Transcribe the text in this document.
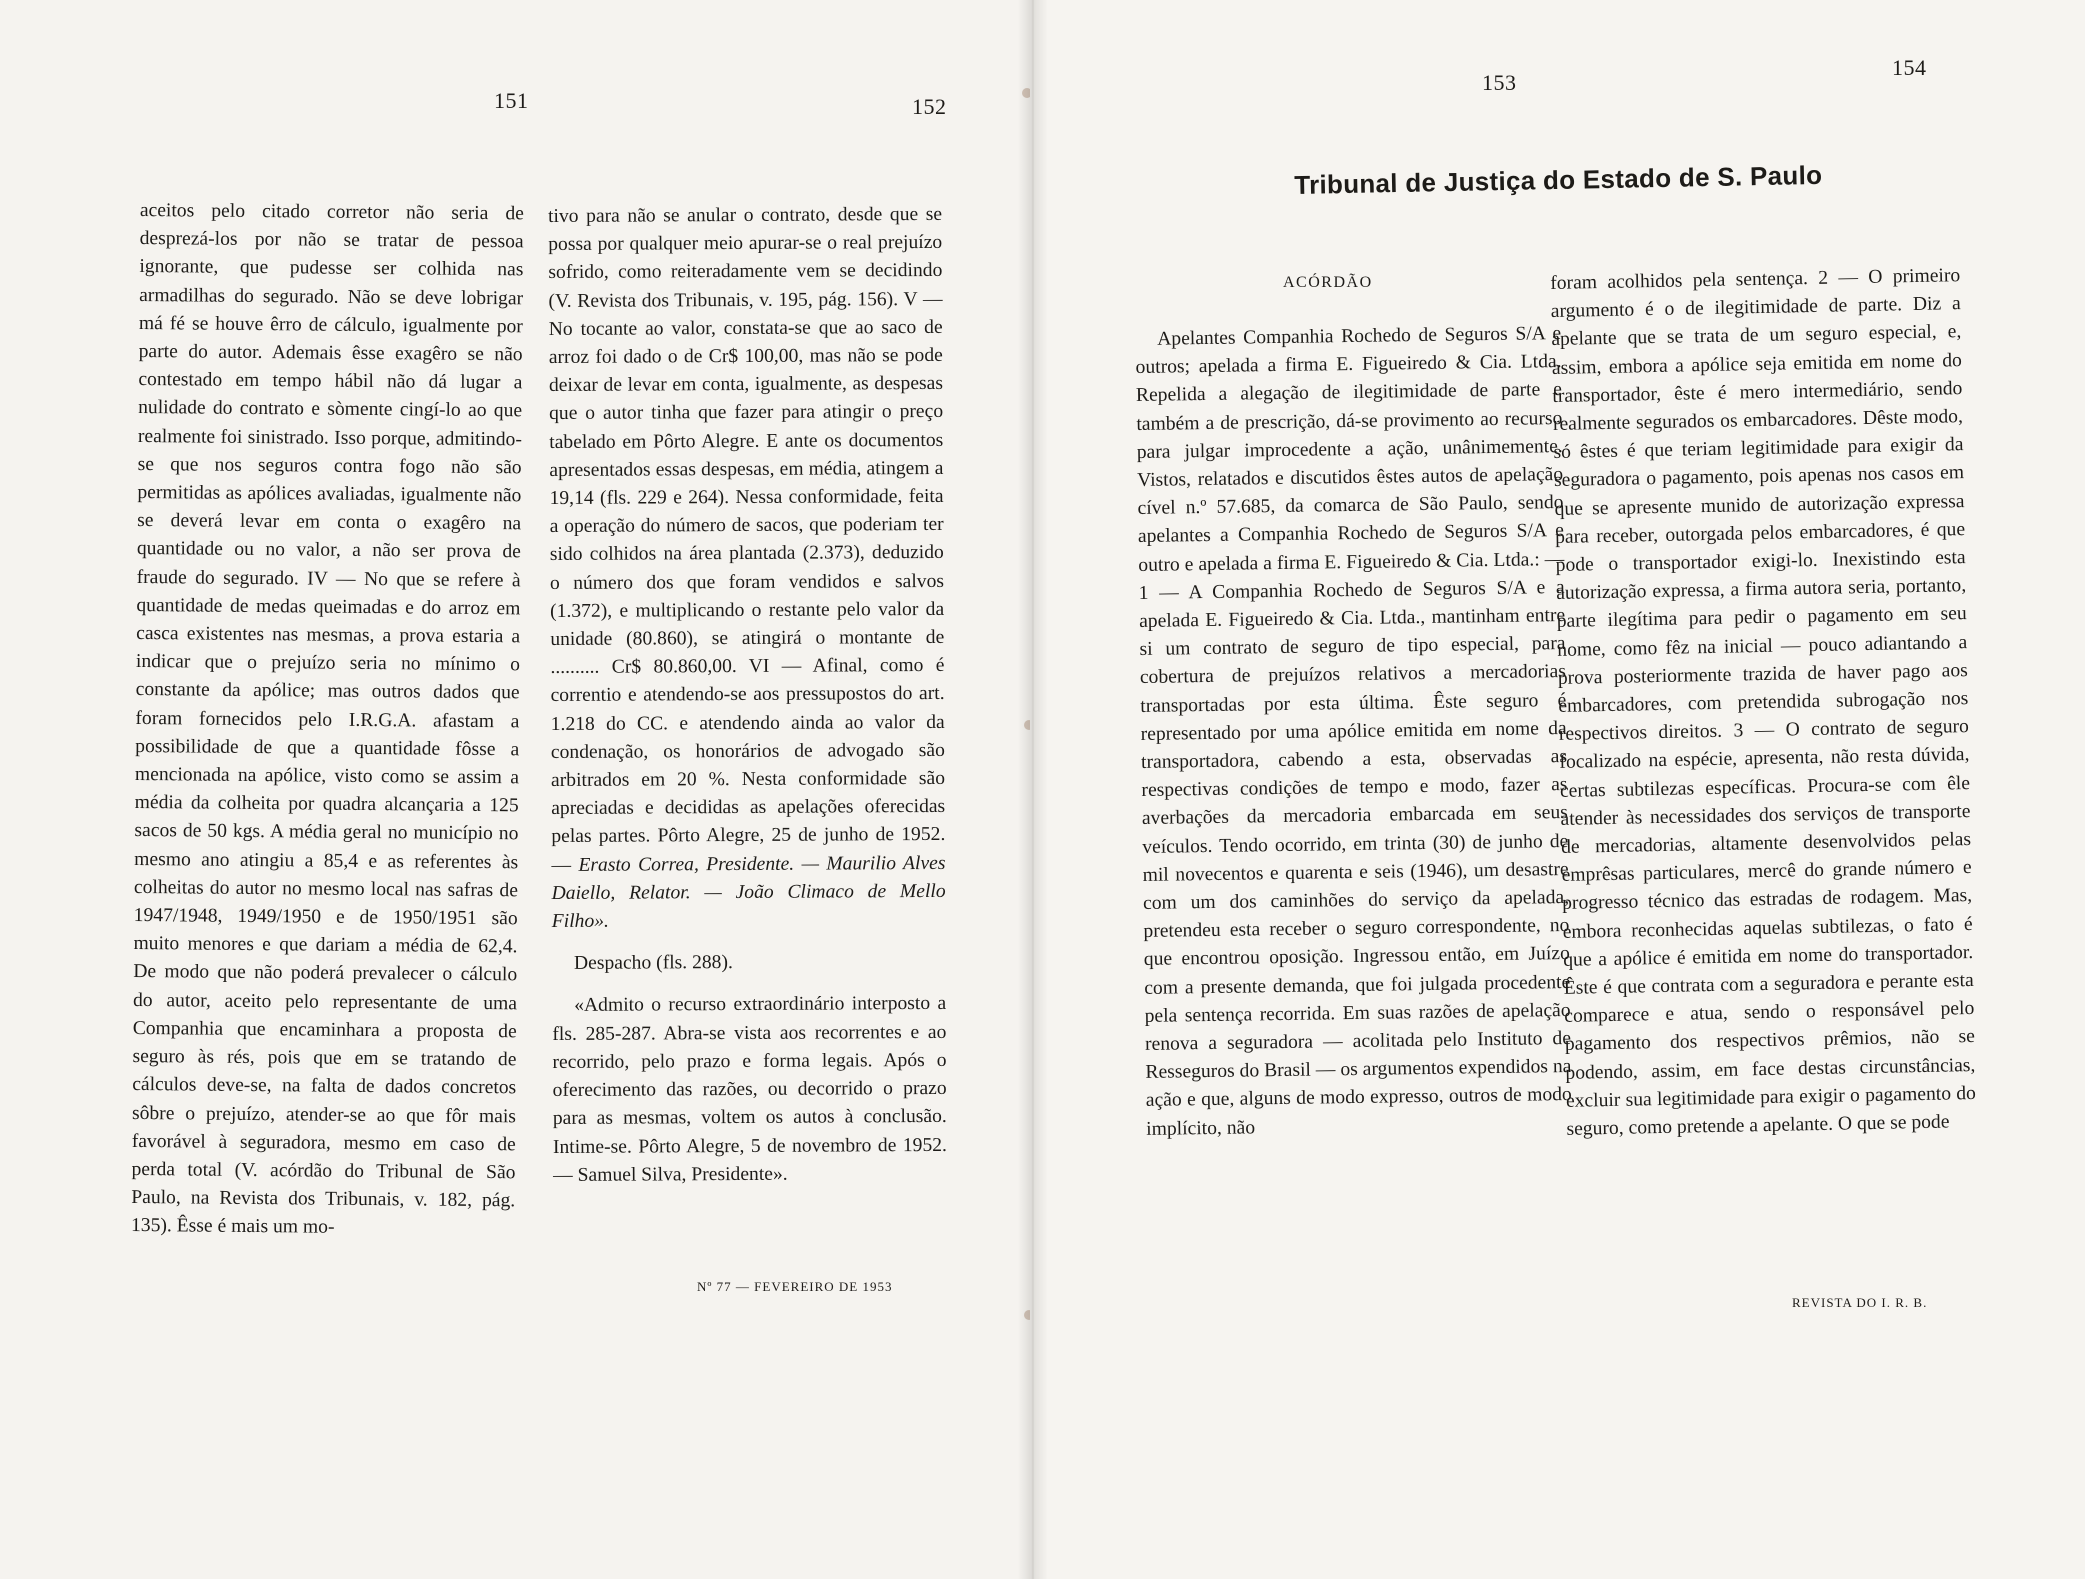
151	152

aceitos pelo citado corretor não seria de desprezá-los por não se tratar de pessoa ignorante, que pudesse ser colhida nas armadilhas do segurado. Não se deve lobrigar má fé se houve êrro de cálculo, igualmente por parte do autor. Ademais êsse exagêro se não contestado em tempo hábil não dá lugar a nulidade do contrato e sòmente cingí-lo ao que realmente foi sinistrado. Isso porque, admitindo-se que nos seguros contra fogo não são permitidas as apólices avaliadas, igualmente não se deverá levar em conta o exagêro na quantidade ou no valor, a não ser prova de fraude do segurado. IV — No que se refere à quantidade de medas queimadas e do arroz em casca existentes nas mesmas, a prova estaria a indicar que o prejuízo seria no mínimo o constante da apólice; mas outros dados que foram fornecidos pelo I.R.G.A. afastam a possibilidade de que a quantidade fôsse a mencionada na apólice, visto como se assim a média da colheita por quadra alcançaria a 125 sacos de 50 kgs. A média geral no município no mesmo ano atingiu a 85,4 e as referentes às colheitas do autor no mesmo local nas safras de 1947/1948, 1949/1950 e de 1950/1951 são muito menores e que dariam a média de 62,4. De modo que não poderá prevalecer o cálculo do autor, aceito pelo representante de uma Companhia que encaminhara a proposta de seguro às rés, pois que em se tratando de cálculos deve-se, na falta de dados concretos sôbre o prejuízo, atender-se ao que fôr mais favorável à seguradora, mesmo em caso de perda total (V. acórdão do Tribunal de São Paulo, na Revista dos Tribunais, v. 182, pág. 135). Êsse é mais um mo-

tivo para não se anular o contrato, desde que se possa por qualquer meio apurar-se o real prejuízo sofrido, como reiteradamente vem se decidindo (V. Revista dos Tribunais, v. 195, pág. 156). V — No tocante ao valor, constata-se que ao saco de arroz foi dado o de Cr$ 100,00, mas não se pode deixar de levar em conta, igualmente, as despesas que o autor tinha que fazer para atingir o preço tabelado em Pôrto Alegre. E ante os documentos apresentados essas despesas, em média, atingem a 19,14 (fls. 229 e 264). Nessa conformidade, feita a operação do número de sacos, que poderiam ter sido colhidos na área plantada (2.373), deduzido o número dos que foram vendidos e salvos (1.372), e multiplicando o restante pelo valor da unidade (80.860), se atingirá o montante de .......... Cr$ 80.860,00. VI — Afinal, como é correntio e atendendo-se aos pressupostos do art. 1.218 do CC. e atendendo ainda ao valor da condenação, os honorários de advogado são arbitrados em 20 %. Nesta conformidade são apreciadas e decididas as apelações oferecidas pelas partes. Pôrto Alegre, 25 de junho de 1952. — Erasto Correa, Presidente. — Maurilio Alves Daiello, Relator. — João Climaco de Mello Filho».

Despacho (fls. 288).

«Admito o recurso extraordinário interposto a fls. 285-287. Abra-se vista aos recorrentes e ao recorrido, pelo prazo e forma legais. Após o oferecimento das razões, ou decorrido o prazo para as mesmas, voltem os autos à conclusão. Intime-se. Pôrto Alegre, 5 de novembro de 1952. — Samuel Silva, Presidente».

Nº 77 — FEVEREIRO DE 1953
153
154

Apelantes Companhia Rochedo de Seguros S/A e outros; apelada a firma E. Figueiredo & Cia. Ltda. Repelida a alegação de ilegitimidade de parte e também a de prescrição, dá-se provimento ao recurso para julgar improcedente a ação, unânimemente. Vistos, relatados e discutidos êstes autos de apelação cível n.º 57.685, da comarca de São Paulo, sendo apelantes a Companhia Rochedo de Seguros S/A e outro e apelada a firma E. Figueiredo & Cia. Ltda.: — 1 — A Companhia Rochedo de Seguros S/A e a apelada E. Figueiredo & Cia. Ltda., mantinham entre si um contrato de seguro de tipo especial, para cobertura de prejuízos relativos a mercadorias transportadas por esta última. Êste seguro é representado por uma apólice emitida em nome da transportadora, cabendo a esta, observadas as respectivas condições de tempo e modo, fazer as averbações da mercadoria embarcada em seus veículos. Tendo ocorrido, em trinta (30) de junho de mil novecentos e quarenta e seis (1946), um desastre com um dos caminhões do serviço da apelada, pretendeu esta receber o seguro correspondente, no que encontrou oposição. Ingressou então, em Juízo com a presente demanda, que foi julgada procedente pela sentença recorrida. Em suas razões de apelação renova a seguradora — acolitada pelo Instituto de Resseguros do Brasil — os argumentos expendidos na ação e que, alguns de modo expresso, outros de modo implícito, não

foram acolhidos pela sentença. 2 — O primeiro argumento é o de ilegitimidade de parte. Diz a apelante que se trata de um seguro especial, e, assim, embora a apólice seja emitida em nome do transportador, êste é mero intermediário, sendo realmente segurados os embarcadores. Dêste modo, só êstes é que teriam legitimidade para exigir da seguradora o pagamento, pois apenas nos casos em que se apresente munido de autorização expressa para receber, outorgada pelos embarcadores, é que pode o transportador exigi-lo. Inexistindo esta autorização expressa, a firma autora seria, portanto, parte ilegítima para pedir o pagamento em seu nome, como fêz na inicial — pouco adiantando a prova posteriormente trazida de haver pago aos embarcadores, com pretendida subrogação nos respectivos direitos. 3 — O contrato de seguro focalizado na espécie, apresenta, não resta dúvida, certas subtilezas específicas. Procura-se com êle atender às necessidades dos serviços de transporte de mercadorias, altamente desenvolvidos pelas emprêsas particulares, mercê do grande número e progresso técnico das estradas de rodagem. Mas, embora reconhecidas aquelas subtilezas, o fato é que a apólice é emitida em nome do transportador. Êste é que contrata com a seguradora e perante esta comparece e atua, sendo o responsável pelo pagamento dos respectivos prêmios, não se podendo, assim, em face destas circunstâncias, excluir sua legitimidade para exigir o pagamento do seguro, como pretende a apelante. O que se pode

REVISTA DO I. R. B.
Tribunal de Justiça do Estado de S. Paulo
ACÓRDÃO
